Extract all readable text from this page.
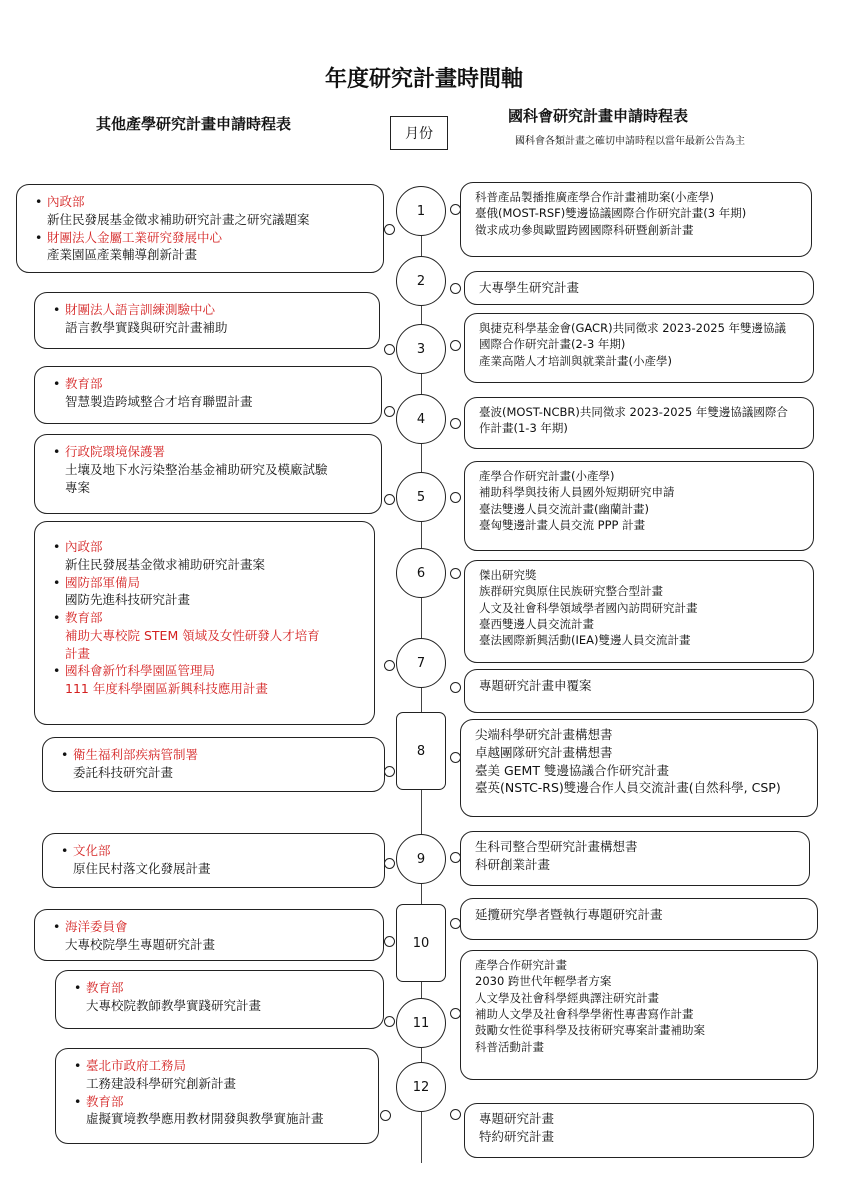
年度研究計畫時間軸
其他產學研究計畫申請時程表	國科會研究計畫申請時程表
國科會各類計畫之確切申請時程以當年最新公告為主
月份
• 內政部
新住民發展基金徵求補助研究計畫之研究議題案
• 財團法人金屬工業研究發展中心
產業園區產業輔導創新計畫
• 財團法人語言訓練測驗中心
語言教學實踐與研究計畫補助
• 教育部
智慧製造跨域整合才培育聯盟計畫
• 行政院環境保護署
土壤及地下水污染整治基金補助研究及模廠試驗
專案
• 內政部
新住民發展基金徵求補助研究計畫案
• 國防部軍備局
國防先進科技研究計畫
• 教育部
補助大專校院 STEM 領域及女性研發人才培育
計畫
• 國科會新竹科學園區管理局
111 年度科學園區新興科技應用計畫
• 衛生福利部疾病管制署
委託科技研究計畫
• 文化部
原住民村落文化發展計畫
• 海洋委員會
大專校院學生專題研究計畫
• 教育部
大專校院教師教學實踐研究計畫
• 臺北市政府工務局
工務建設科學研究創新計畫
• 教育部
虛擬實境教學應用教材開發與教學實施計畫
科普產品製播推廣產學合作計畫補助案(小產學)
臺俄(MOST-RSF)雙邊協議國際合作研究計畫(3 年期)
徵求成功參與歐盟跨國國際科研暨創新計畫
大專學生研究計畫
與捷克科學基金會(GACR)共同徵求 2023-2025 年雙邊協議
國際合作研究計畫(2-3 年期)
產業高階人才培訓與就業計畫(小產學)
臺波(MOST-NCBR)共同徵求 2023-2025 年雙邊協議國際合
作計畫(1-3 年期)
產學合作研究計畫(小產學)
補助科學與技術人員國外短期研究申請
臺法雙邊人員交流計畫(幽蘭計畫)
臺匈雙邊計畫人員交流 PPP 計畫
傑出研究獎
族群研究與原住民族研究整合型計畫
人文及社會科學領域學者國內訪問研究計畫
臺西雙邊人員交流計畫
臺法國際新興活動(IEA)雙邊人員交流計畫
專題研究計畫申覆案
尖端科學研究計畫構想書
卓越團隊研究計畫構想書
臺美 GEMT 雙邊協議合作研究計畫
臺英(NSTC-RS)雙邊合作人員交流計畫(自然科學, CSP)
生科司整合型研究計畫構想書
科研創業計畫
延攬研究學者暨執行專題研究計畫
產學合作研究計畫
2030 跨世代年輕學者方案
人文學及社會科學經典譯注研究計畫
補助人文學及社會科學學術性專書寫作計畫
鼓勵女性從事科學及技術研究專案計畫補助案
科普活動計畫
專題研究計畫
特約研究計畫
1
2
3
4
5
6
7
8
9
10
11
12
